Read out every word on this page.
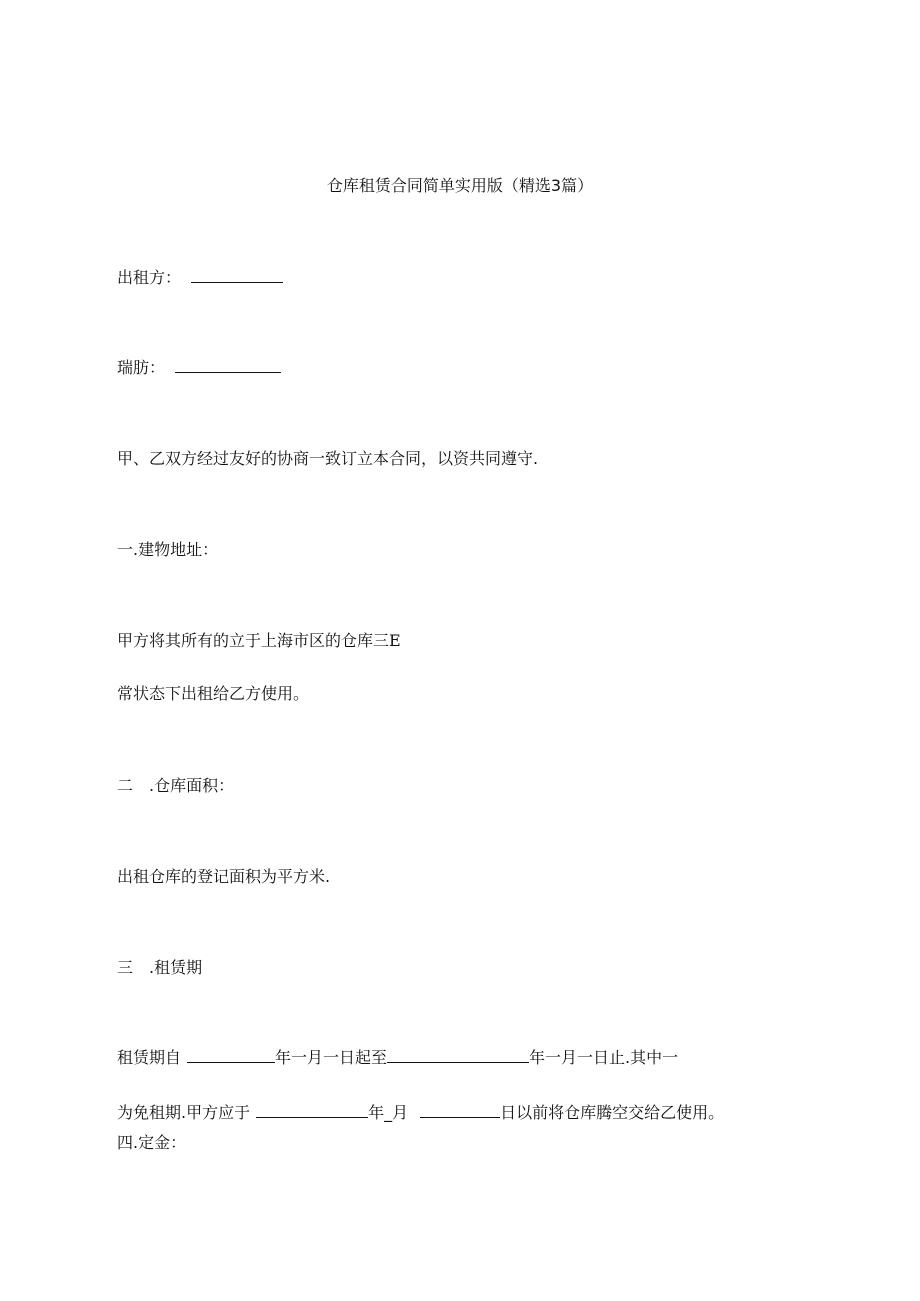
仓库租赁合同简单实用版（精选3篇）
出租方：
瑞肪：
甲、乙双方经过友好的协商一致订立本合同，以资共同遵守.
一.建物地址：
甲方将其所有的立于上海市区的仓库三E
常状态下出租给乙方使用。
二 .仓库面积：
出租仓库的登记面积为平方米.
三 .租赁期
租赁期自	年一月一日起至	年一月一日止.其中一
为免租期.甲方应于	年_月	日以前将仓库腾空交给乙使用。
四.定金：
